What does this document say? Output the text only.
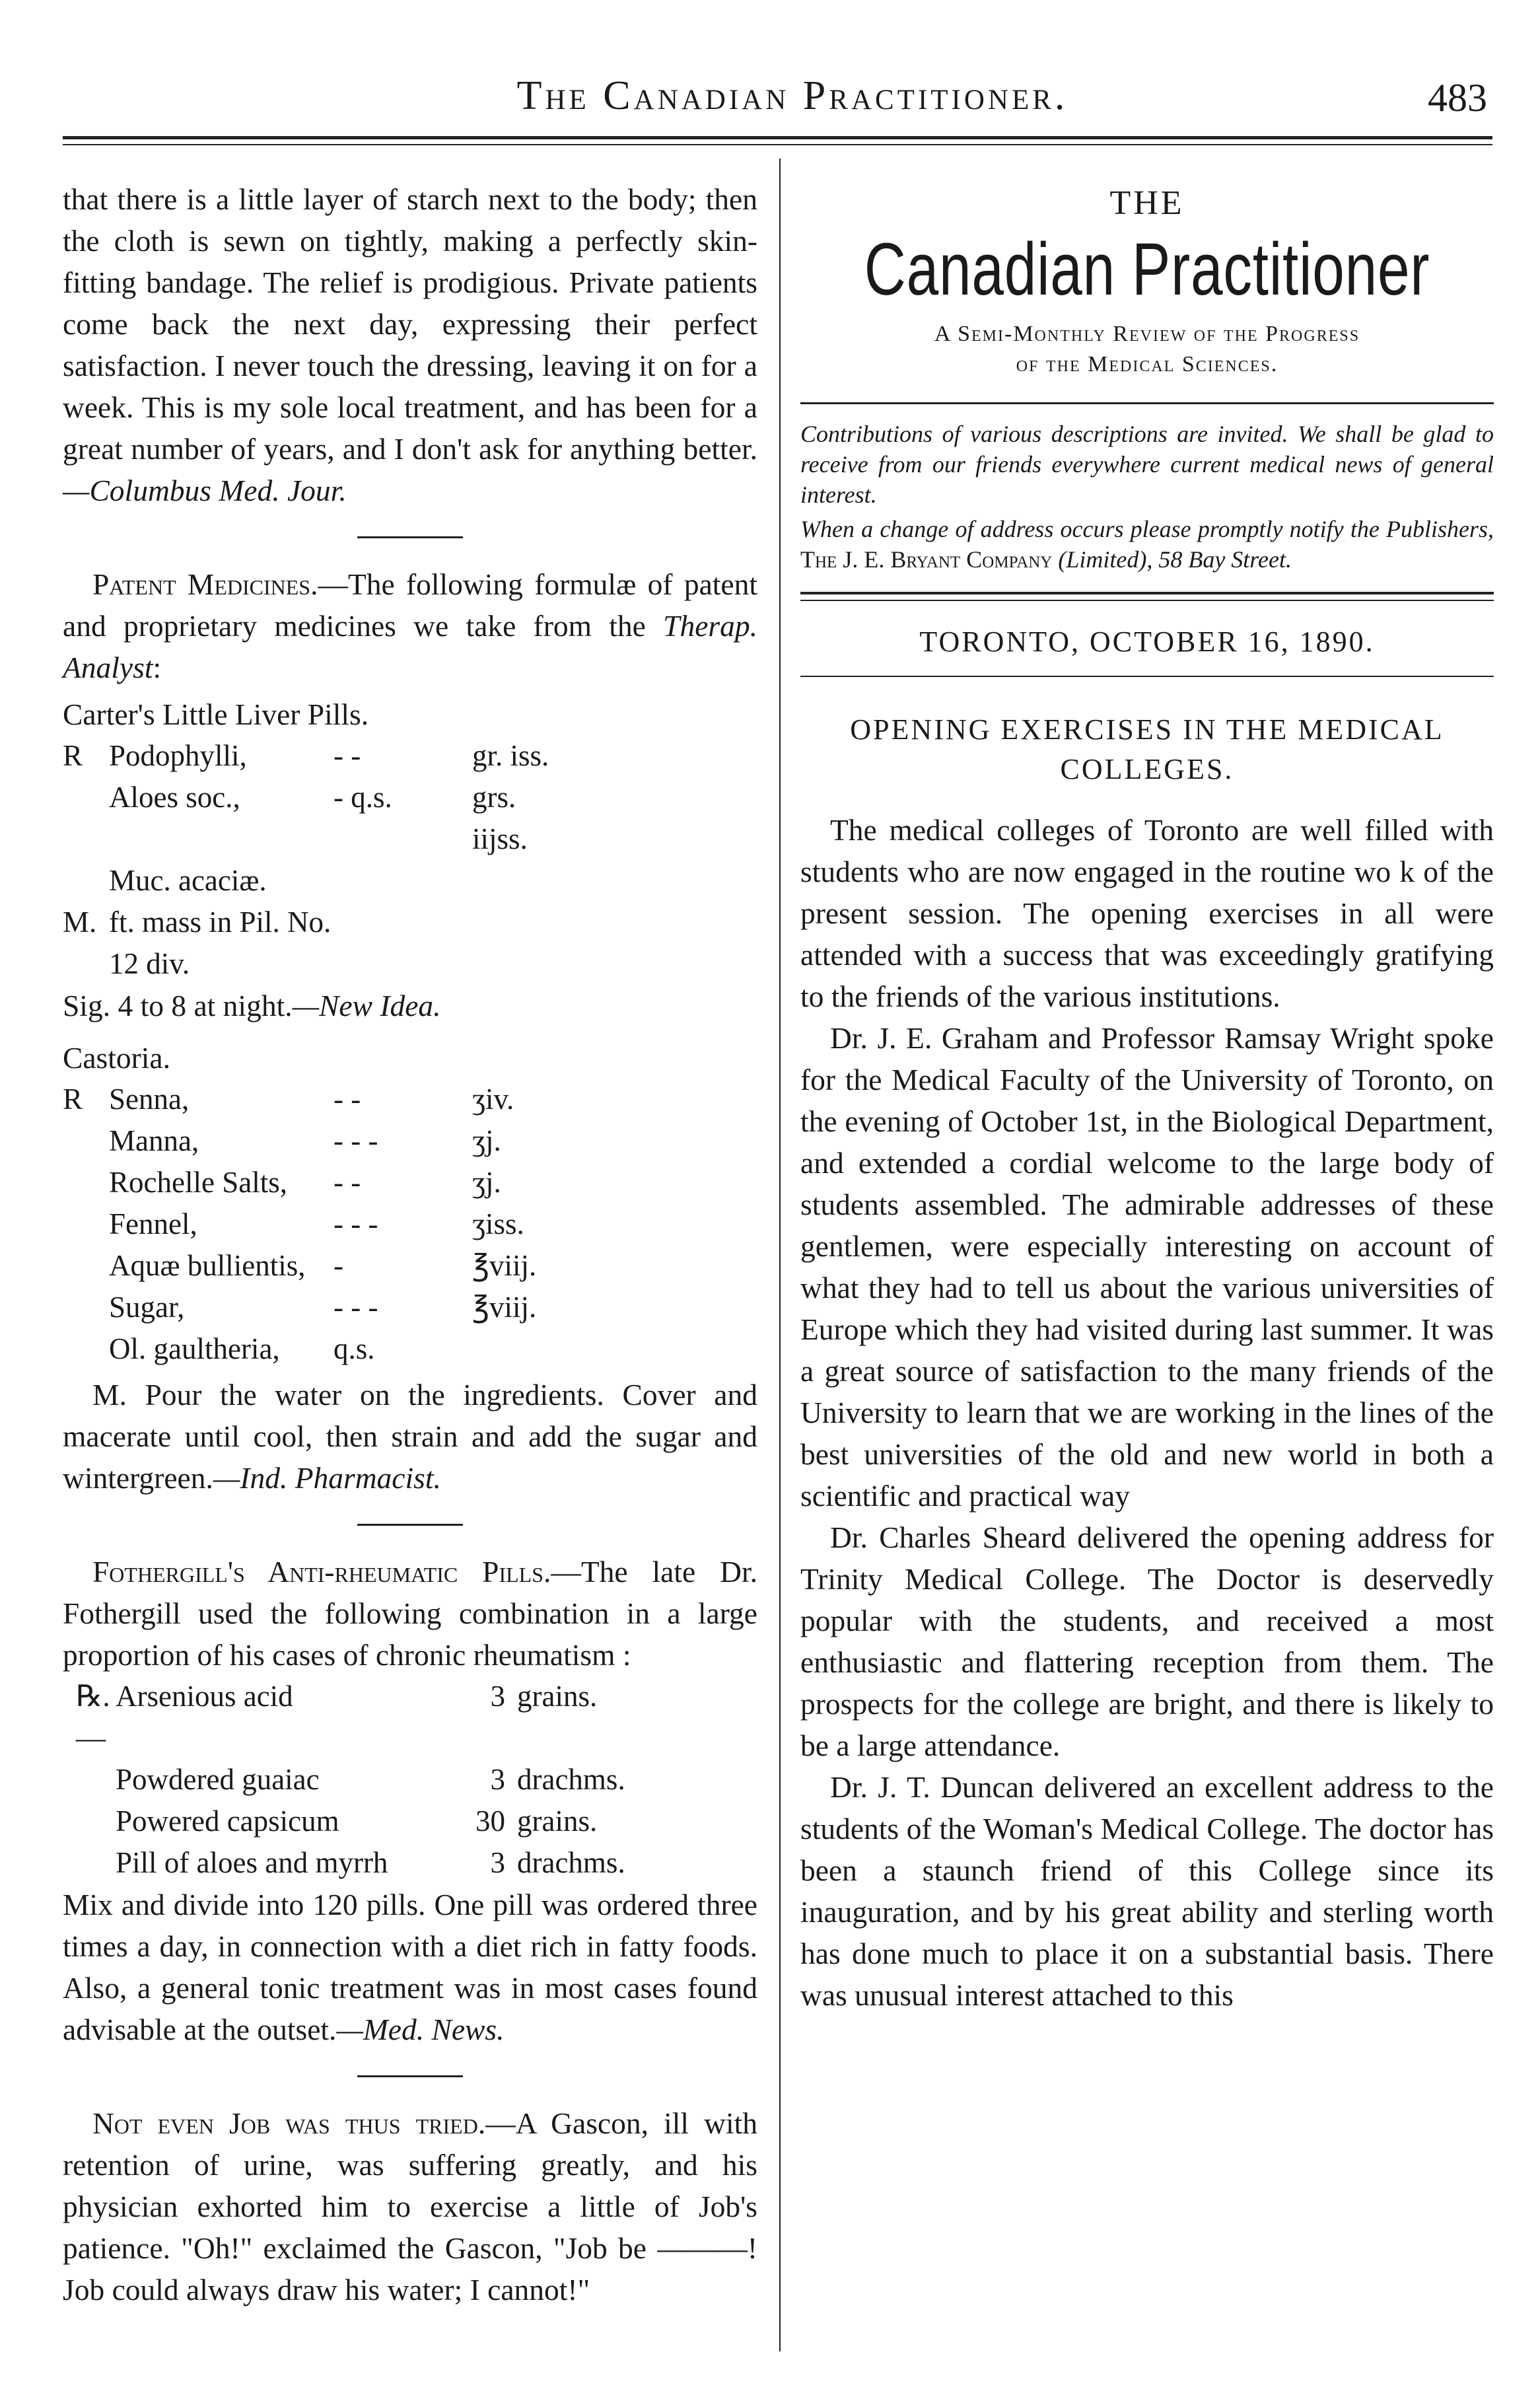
The Canadian Practitioner.	483

that there is a little layer of starch next to the body; then the cloth is sewn on tightly, making a perfectly skin-fitting bandage. The relief is prodigious. Private patients come back the next day, expressing their perfect satisfaction. I never touch the dressing, leaving it on for a week. This is my sole local treatment, and has been for a great number of years, and I don't ask for anything better.—Columbus Med. Jour.

Patent Medicines.—The following formulæ of patent and proprietary medicines we take from the Therap. Analyst:

Carter's Little Liver Pills.
R Podophylli,	- -	gr. iss.
Aloes soc.,	- q.s.	grs. iijss.
Muc. acaciæ.
M. ft. mass in Pil. No. 12 div.
Sig. 4 to 8 at night.—New Idea.
Castoria.
R Senna,	- -	ʒiv.
Manna,	- - -	ʒj.
Rochelle Salts,	- -	ʒj.
Fennel,	- - -	ʒiss.
Aquæ bullientis, -	℥viij.
Sugar,	- - -	℥viij.
Ol. gaultheria,	q.s.

M. Pour the water on the ingredients. Cover and macerate until cool, then strain and add the sugar and wintergreen.—Ind. Pharmacist.

Fothergill's Anti-rheumatic Pills.—The late Dr. Fothergill used the following combination in a large proportion of his cases of chronic rheumatism :

℞.—
Arsenious acid	3 grains.
Powdered guaiac	3 drachms.
Powered capsicum	30 grains.
Pill of aloes and myrrh	3 drachms.

Mix and divide into 120 pills. One pill was ordered three times a day, in connection with a diet rich in fatty foods. Also, a general tonic treatment was in most cases found advisable at the outset.—Med. News.

Not even Job was thus tried.—A Gascon, ill with retention of urine, was suffering greatly, and his physician exhorted him to exercise a little of Job's patience. "Oh!" exclaimed the Gascon, "Job be ———! Job could always draw his water; I cannot!"

THE
Canadian Practitioner
A Semi-Monthly Review of the Progress
of the Medical Sciences.
Contributions of various descriptions are invited. We shall be glad to receive from our friends everywhere current medical news of general interest.
When a change of address occurs please promptly notify the Publishers, The J. E. Bryant Company (Limited), 58 Bay Street.
TORONTO, OCTOBER 16, 1890.
OPENING EXERCISES IN THE MEDICAL COLLEGES.

The medical colleges of Toronto are well filled with students who are now engaged in the routine wo k of the present session. The opening exercises in all were attended with a success that was exceedingly gratifying to the friends of the various institutions.

Dr. J. E. Graham and Professor Ramsay Wright spoke for the Medical Faculty of the University of Toronto, on the evening of October 1st, in the Biological Department, and extended a cordial welcome to the large body of students assembled. The admirable addresses of these gentlemen, were especially interesting on account of what they had to tell us about the various universities of Europe which they had visited during last summer. It was a great source of satisfaction to the many friends of the University to learn that we are working in the lines of the best universities of the old and new world in both a scientific and practical way

Dr. Charles Sheard delivered the opening address for Trinity Medical College. The Doctor is deservedly popular with the students, and received a most enthusiastic and flattering reception from them. The prospects for the college are bright, and there is likely to be a large attendance.

Dr. J. T. Duncan delivered an excellent address to the students of the Woman's Medical College. The doctor has been a staunch friend of this College since its inauguration, and by his great ability and sterling worth has done much to place it on a substantial basis. There was unusual interest attached to this
